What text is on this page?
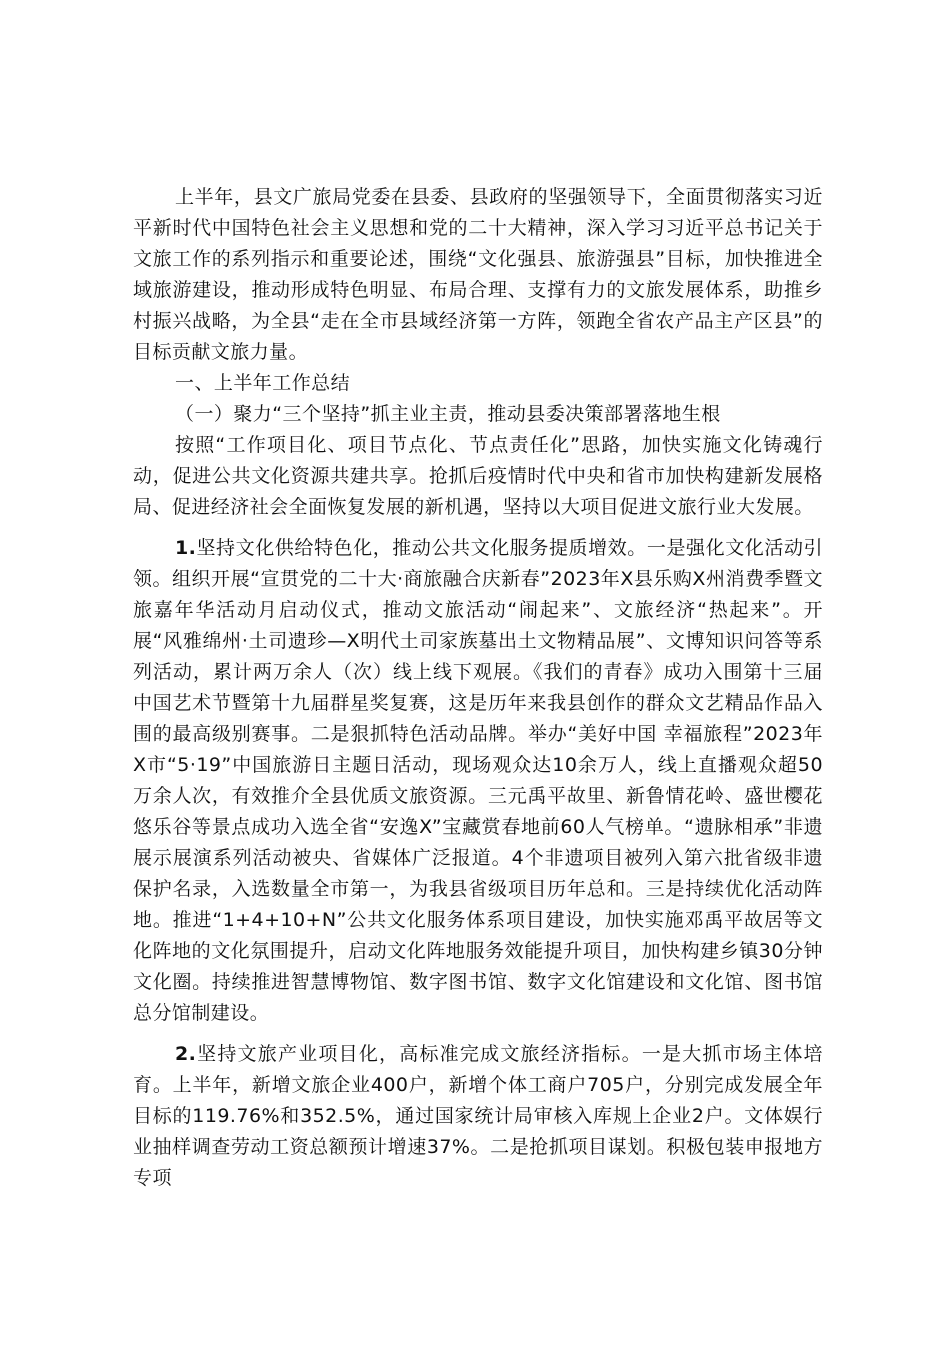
上半年，县文广旅局党委在县委、县政府的坚强领导下，全面贯彻落实习近平新时代中国特色社会主义思想和党的二十大精神，深入学习习近平总书记关于文旅工作的系列指示和重要论述，围绕“文化强县、旅游强县”目标，加快推进全域旅游建设，推动形成特色明显、布局合理、支撑有力的文旅发展体系，助推乡村振兴战略，为全县“走在全市县域经济第一方阵，领跑全省农产品主产区县”的目标贡献文旅力量。

一、上半年工作总结

（一）聚力“三个坚持”抓主业主责，推动县委决策部署落地生根

按照“工作项目化、项目节点化、节点责任化”思路，加快实施文化铸魂行动，促进公共文化资源共建共享。抢抓后疫情时代中央和省市加快构建新发展格局、促进经济社会全面恢复发展的新机遇，坚持以大项目促进文旅行业大发展。

1.坚持文化供给特色化，推动公共文化服务提质增效。一是强化文化活动引领。组织开展“宣贯党的二十大·商旅融合庆新春”2023年X县乐购X州消费季暨文旅嘉年华活动月启动仪式，推动文旅活动“闹起来”、文旅经济“热起来”。开展“风雅绵州·土司遗珍—X明代土司家族墓出土文物精品展”、文博知识问答等系列活动，累计两万余人（次）线上线下观展。《我们的青春》成功入围第十三届中国艺术节暨第十九届群星奖复赛，这是历年来我县创作的群众文艺精品作品入围的最高级别赛事。二是狠抓特色活动品牌。举办“美好中国 幸福旅程”2023年X市“5·19”中国旅游日主题日活动，现场观众达10余万人，线上直播观众超50万余人次，有效推介全县优质文旅资源。三元禹平故里、新鲁情花岭、盛世樱花悠乐谷等景点成功入选全省“安逸X”宝藏赏春地前60人气榜单。“遗脉相承”非遗展示展演系列活动被央、省媒体广泛报道。4个非遗项目被列入第六批省级非遗保护名录，入选数量全市第一，为我县省级项目历年总和。三是持续优化活动阵地。推进“1+4+10+N”公共文化服务体系项目建设，加快实施邓禹平故居等文化阵地的文化氛围提升，启动文化阵地服务效能提升项目，加快构建乡镇30分钟文化圈。持续推进智慧博物馆、数字图书馆、数字文化馆建设和文化馆、图书馆总分馆制建设。

2.坚持文旅产业项目化，高标准完成文旅经济指标。一是大抓市场主体培育。上半年，新增文旅企业400户，新增个体工商户705户，分别完成发展全年目标的119.76%和352.5%，通过国家统计局审核入库规上企业2户。文体娱行业抽样调查劳动工资总额预计增速37%。二是抢抓项目谋划。积极包装申报地方专项
